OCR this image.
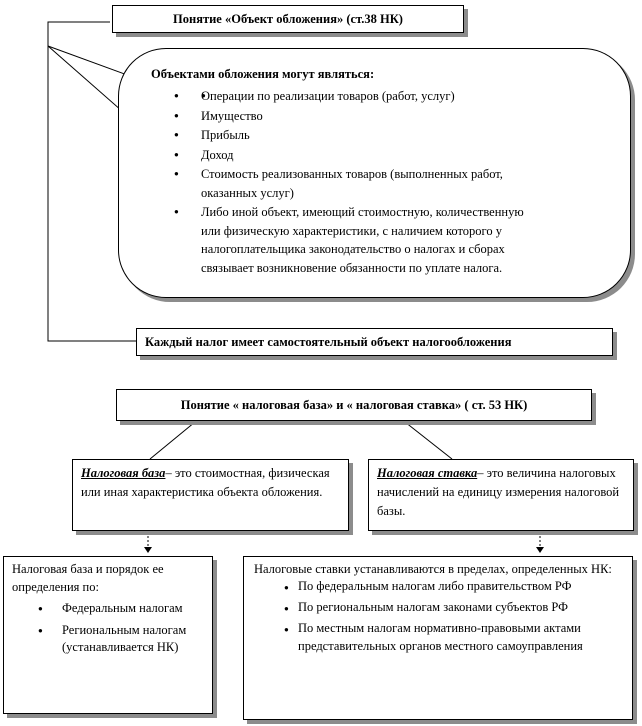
Понятие «Объект обложения» (ст.38 НК)
Объектами обложения могут являться:
● ● Операции по реализации товаров (работ, услуг)
● Имущество
● Прибыль
● Доход
● Стоимость реализованных товаров (выполненных работ, оказанных услуг)
● Либо иной объект, имеющий стоимостную, количественную или физическую характеристики, с наличием которого у налогоплательщика законодательство о налогах и сборах связывает возникновение обязанности по уплате налога.
Каждый налог имеет самостоятельный объект налогообложения
Понятие « налоговая база» и « налоговая ставка» ( ст. 53 НК)
Налоговая база– это стоимостная, физическая или иная характеристика объекта обложения.
Налоговая ставка– это величина налоговых начислений на единицу измерения налоговой базы.
Налоговая база и порядок ее определения по:
● Федеральным налогам
● Региональным налогам (устанавливается НК)
Налоговые ставки устанавливаются в пределах, определенных НК:
● По федеральным налогам либо правительством РФ
● По региональным налогам законами субъектов РФ
● По местным налогам нормативно-правовыми актами представительных органов местного самоуправления
